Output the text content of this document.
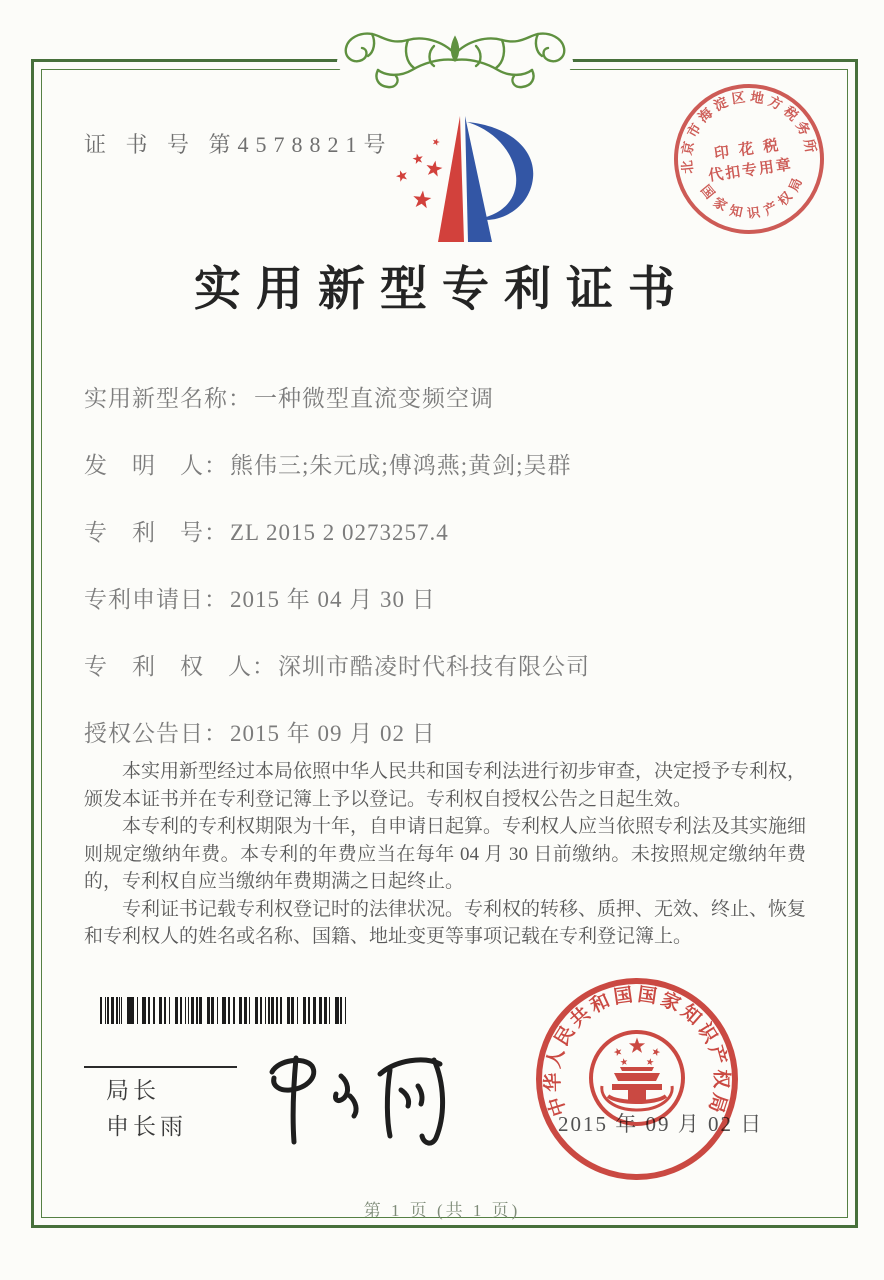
证 书 号 第4578821号
北京市海淀区地方税务所
国家知识产权局
印 花 税
代扣专用章
实用新型专利证书
实用新型名称：一种微型直流变频空调
发　明　人：熊伟三;朱元成;傅鸿燕;黄剑;吴群
专　利　号：ZL 2015 2 0273257.4
专利申请日：2015 年 04 月 30 日
专　利　权　人：深圳市酷凌时代科技有限公司
授权公告日：2015 年 09 月 02 日

本实用新型经过本局依照中华人民共和国专利法进行初步审查，决定授予专利权，颁发本证书并在专利登记簿上予以登记。专利权自授权公告之日起生效。

本专利的专利权期限为十年，自申请日起算。专利权人应当依照专利法及其实施细则规定缴纳年费。本专利的年费应当在每年 04 月 30 日前缴纳。未按照规定缴纳年费的，专利权自应当缴纳年费期满之日起终止。

专利证书记载专利权登记时的法律状况。专利权的转移、质押、无效、终止、恢复和专利权人的姓名或名称、国籍、地址变更等事项记载在专利登记簿上。

局长
申长雨	2015 年 09 月 02 日
中华人民共和国国家知识产权局
第 1 页 (共 1 页)
